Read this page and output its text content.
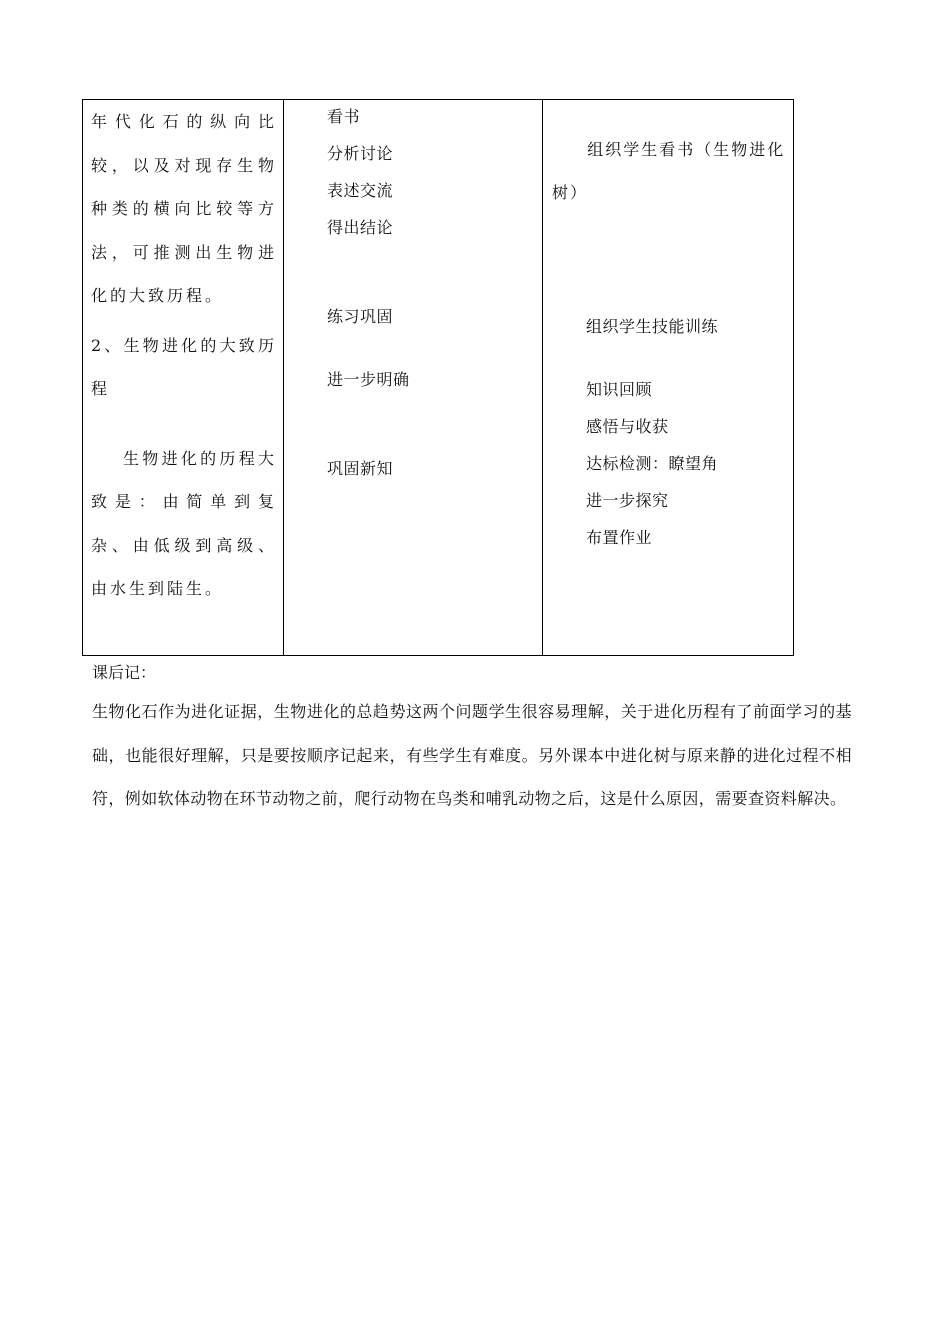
年代化石的纵向比较，以及对现存生物种类的横向比较等方法，可推测出生物进化的大致历程。

2、生物进化的大致历程

生物进化的历程大致是：由简单到复杂、由低级到高级、由水生到陆生。

看书
分析讨论
表述交流
得出结论
练习巩固
进一步明确
巩固新知

组织学生看书（生物进化树）

组织学生技能训练
知识回顾
感悟与收获
达标检测：瞭望角
进一步探究
布置作业
课后记：

生物化石作为进化证据，生物进化的总趋势这两个问题学生很容易理解，关于进化历程有了前面学习的基础，也能很好理解，只是要按顺序记起来，有些学生有难度。另外课本中进化树与原来静的进化过程不相符，例如软体动物在环节动物之前，爬行动物在鸟类和哺乳动物之后，这是什么原因，需要查资料解决。
